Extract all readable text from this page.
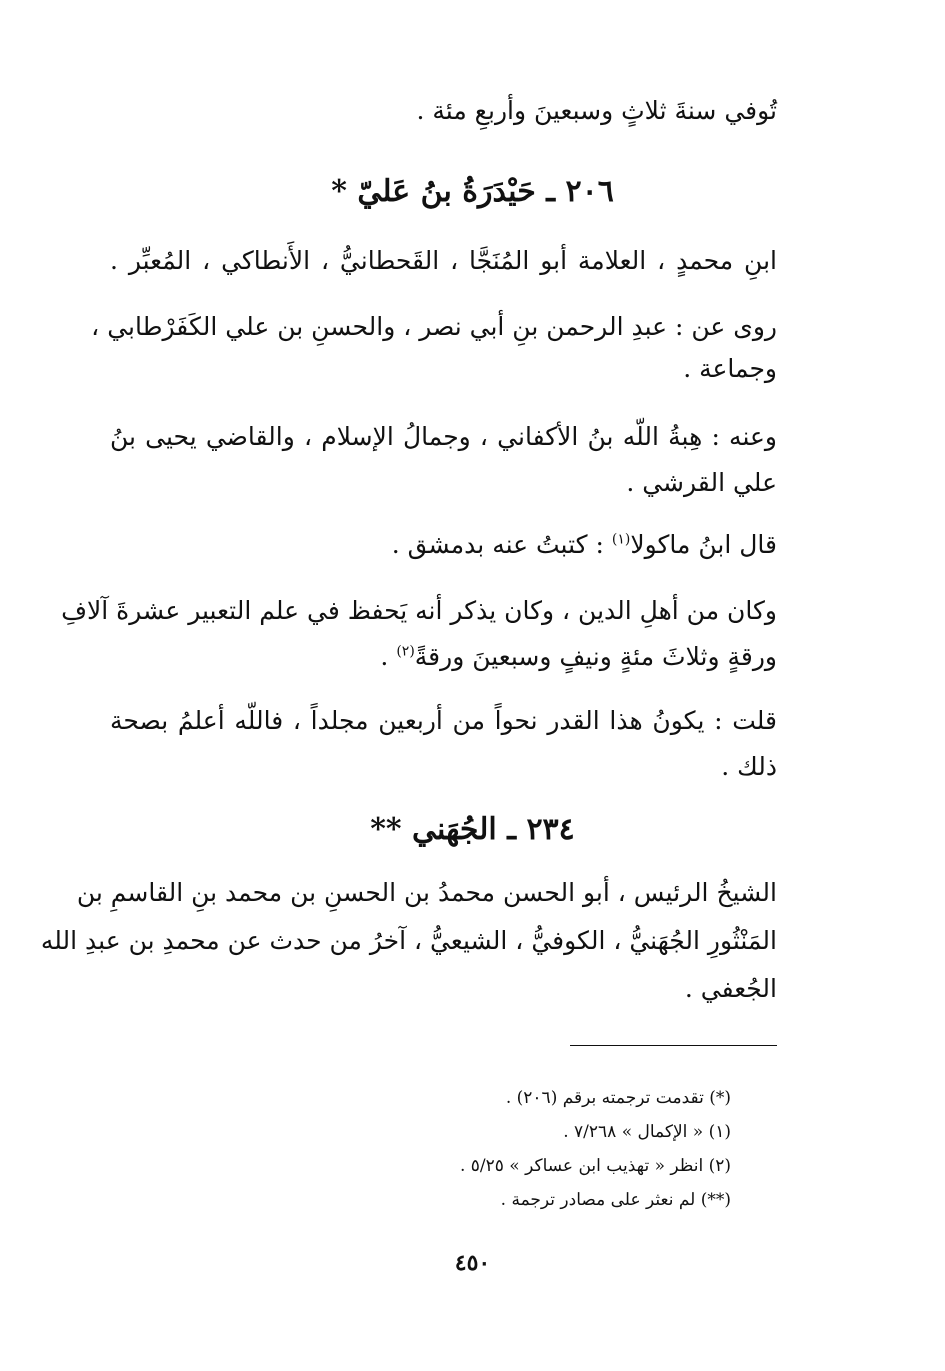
تُوفي سنةَ ثلاثٍ وسبعينَ وأربعِ مئة .
٢٠٦ ـ حَيْدَرَةُ بنُ عَليّ *
ابنِ محمدٍ ، العلامة أبو المُنَجَّا ، القَحطانيُّ ، الأَنطاكي ، المُعبِّر .
روى عن : عبدِ الرحمن بنِ أبي نصر ، والحسنِ بن علي الكَفَرْطابي ،
وجماعة .
وعنه : هِبةُ اللّه بنُ الأكفاني ، وجمالُ الإسلام ، والقاضي يحيى بنُ
علي القرشي .
قال ابنُ ماكولا$^{(١)}$ : كتبتُ عنه بدمشق .
وكان من أهلِ الدين ، وكان يذكر أنه يَحفظ في علم التعبير عشرةَ آلافِ
ورقةٍ وثلاثَ مئةٍ ونيفٍ وسبعينَ ورقةً$^{(٢)}$ .
قلت : يكونُ هذا القدر نحواً من أربعين مجلداً ، فاللّه أعلمُ بصحة
ذلك .
٢٣٤ ـ الجُهَني **
الشيخُ الرئيس ، أبو الحسن محمدُ بن الحسنِ بن محمد بنِ القاسمِ بن
المَنْثُورِ الجُهَنيُّ ، الكوفيُّ ، الشيعيُّ ، آخرُ من حدث عن محمدِ بن عبدِ الله
الجُعفي .
(*) تقدمت ترجمته برقم (٢٠٦) .
(١) « الإكمال » ٧/٢٦٨ .
(٢) انظر « تهذيب ابن عساكر » ٥/٢٥ .
(**) لم نعثر على مصادر ترجمة .
٤٥٠
